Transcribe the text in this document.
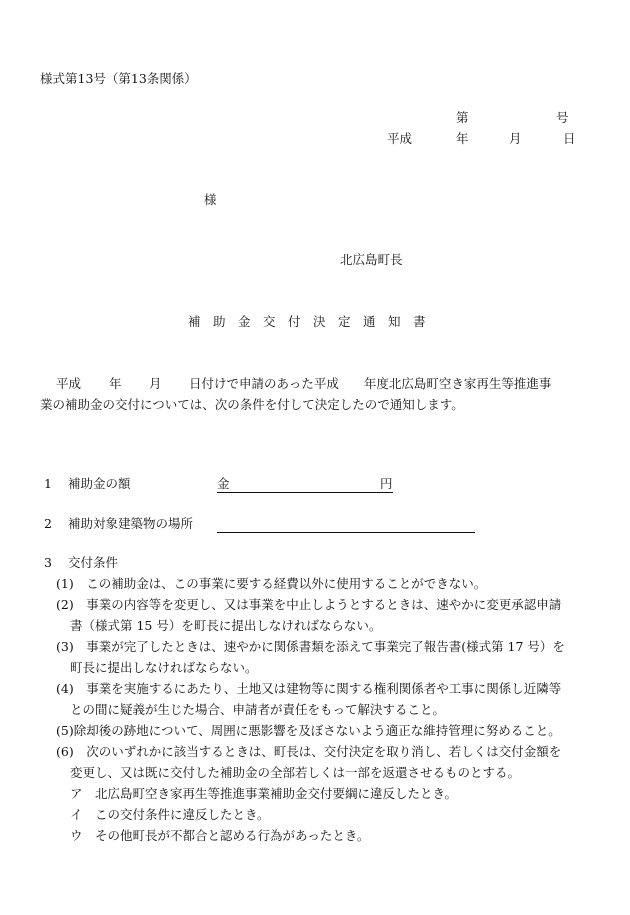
様式第13号（第13条関係）
第	号
平成	年	月	日
様
北広島町長
補　助　金　交　付　決　定　通　知　書
平成 年 月 日付けで申請のあった平成　　年度北広島町空き家再生等推進事
業の補助金の交付については、次の条件を付して決定したので通知します。
1 補助金の額	金	円
2 補助対象建築物の場所
3 交付条件
(1)　この補助金は、この事業に要する経費以外に使用することができない。
(2)　事業の内容等を変更し、又は事業を中止しようとするときは、速やかに変更承認申請
書（様式第 15 号）を町長に提出しなければならない。
(3)　事業が完了したときは、速やかに関係書類を添えて事業完了報告書(様式第 17 号）を
町長に提出しなければならない。
(4)　事業を実施するにあたり、土地又は建物等に関する権利関係者や工事に関係し近隣等
との間に疑義が生じた場合、申請者が責任をもって解決すること。
(5)除却後の跡地について、周囲に悪影響を及ぼさないよう適正な維持管理に努めること。
(6)　次のいずれかに該当するときは、町長は、交付決定を取り消し、若しくは交付金額を
変更し、又は既に交付した補助金の全部若しくは一部を返還させるものとする。
ア　北広島町空き家再生等推進事業補助金交付要綱に違反したとき。
イ　この交付条件に違反したとき。
ウ　その他町長が不都合と認める行為があったとき。
